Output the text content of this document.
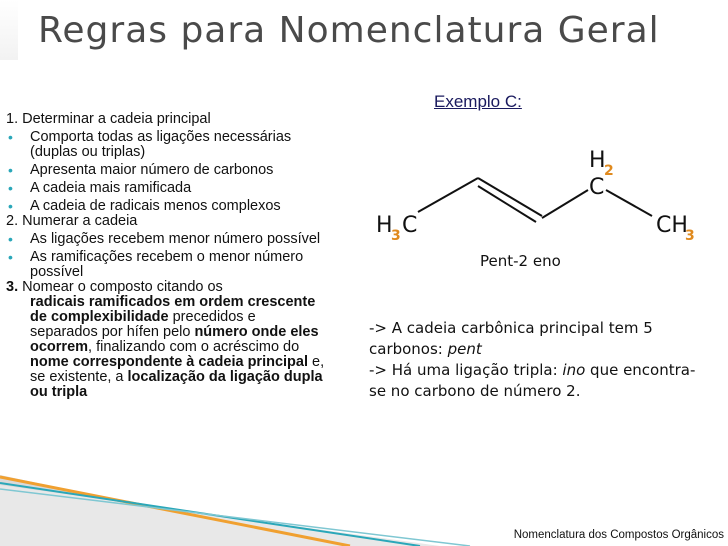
Regras para Nomenclatura Geral

1. Determinar a cadeia principal

• Comporta todas as ligações necessárias (duplas ou triplas)
• Apresenta maior número de carbonos
• A cadeia mais ramificada
• A cadeia de radicais menos complexos

2. Numerar a cadeia

• As ligações recebem menor número possível
• As ramificações recebem o menor número possível

3. Nomear o composto citando os
radicais ramificados em ordem crescente de complexibilidade precedidos e separados por hífen pelo número onde eles ocorrem, finalizando com o acréscimo do nome correspondente à cadeia principal e, se existente, a localização da ligação dupla ou tripla

Exemplo C:
H
3 C
H
2
C
CH
3
Pent-2 eno
-> A cadeia carbônica principal tem 5 carbonos: pent
-> Há uma ligação tripla: ino que encontra-se no carbono de número 2.
Nomenclatura dos Compostos Orgânicos
